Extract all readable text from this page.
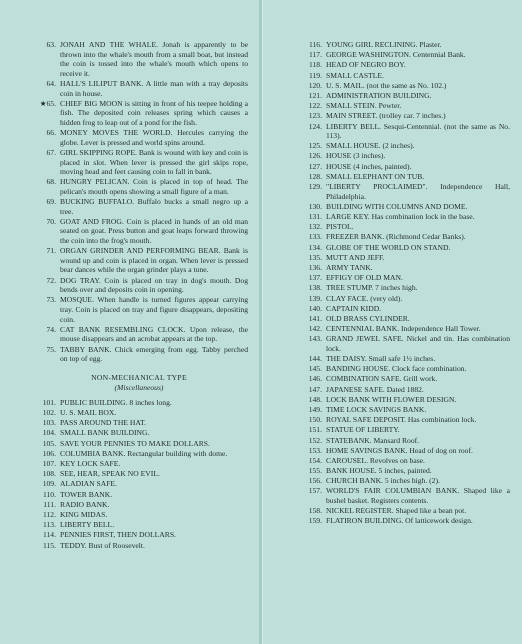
63. JONAH AND THE WHALE. Jonah is apparently to be thrown into the whale's mouth from a small boat, but instead the coin is tossed into the whale's mouth which opens to receive it.
64. HALL'S LILIPUT BANK. A little man with a tray deposits coin in house.
★65. CHIEF BIG MOON is sitting in front of his teepee holding a fish. The deposited coin releases spring which causes a hidden frog to leap out of a pond for the fish.
66. MONEY MOVES THE WORLD. Hercules carrying the globe. Lever is pressed and world spins around.
67. GIRL SKIPPING ROPE. Bank is wound with key and coin is placed in slot. When lever is pressed the girl skips rope, moving head and feet causing coin to fall in bank.
68. HUNGRY PELICAN. Coin is placed in top of head. The pelican's mouth opens showing a small figure of a man.
69. BUCKING BUFFALO. Buffalo bucks a small negro up a tree.
70. GOAT AND FROG. Coin is placed in hands of an old man seated on goat. Press button and goat leaps forward throwing the coin into the frog's mouth.
71. ORGAN GRINDER AND PERFORMING BEAR. Bank is wound up and coin is placed in organ. When lever is pressed bear dances while the organ grinder plays a tune.
72. DOG TRAY. Coin is placed on tray in dog's mouth. Dog bends over and deposits coin in opening.
73. MOSQUE. When handle is turned figures appear carrying tray. Coin is placed on tray and figure disappears, depositing coin.
74. CAT BANK RESEMBLING CLOCK. Upon release, the mouse disappears and an acrobat appears at the top.
75. TABBY BANK. Chick emerging from egg. Tabby perched on top of egg.
NON-MECHANICAL TYPE
(Miscellaneous)
101. PUBLIC BUILDING. 8 inches long.
102. U. S. MAIL BOX.
103. PASS AROUND THE HAT.
104. SMALL BANK BUILDING.
105. SAVE YOUR PENNIES TO MAKE DOLLARS.
106. COLUMBIA BANK. Rectangular building with dome.
107. KEY LOCK SAFE.
108. SEE, HEAR, SPEAK NO EVIL.
109. ALADIAN SAFE.
110. TOWER BANK.
111. RADIO BANK.
112. KING MIDAS.
113. LIBERTY BELL.
114. PENNIES FIRST, THEN DOLLARS.
115. TEDDY. Bust of Roosevelt.
116. YOUNG GIRL RECLINING. Plaster.
117. GEORGE WASHINGTON. Centennial Bank.
118. HEAD OF NEGRO BOY.
119. SMALL CASTLE.
120. U. S. MAIL. (not the same as No. 102.)
121. ADMINISTRATION BUILDING.
122. SMALL STEIN. Pewter.
123. MAIN STREET. (trolley car. 7 inches.)
124. LIBERTY BELL. Sesqui-Centennial. (not the same as No. 113).
125. SMALL HOUSE. (2 inches).
126. HOUSE (3 inches).
127. HOUSE (4 inches, painted).
128. SMALL ELEPHANT ON TUB.
129. "LIBERTY PROCLAIMED". Independence Hall, Philadelphia.
130. BUILDING WITH COLUMNS AND DOME.
131. LARGE KEY. Has combination lock in the base.
132. PISTOL.
133. FREEZER BANK. (Richmond Cedar Banks).
134. GLOBE OF THE WORLD ON STAND.
135. MUTT AND JEFF.
136. ARMY TANK.
137. EFFIGY OF OLD MAN.
138. TREE STUMP. 7 inches high.
139. CLAY FACE. (very old).
140. CAPTAIN KIDD.
141. OLD BRASS CYLINDER.
142. CENTENNIAL BANK. Independence Hall Tower.
143. GRAND JEWEL SAFE. Nickel and tin. Has combination lock.
144. THE DAISY. Small safe 1½ inches.
145. BANDING HOUSE. Clock face combination.
146. COMBINATION SAFE. Grill work.
147. JAPANESE SAFE. Dated 1882.
148. LOCK BANK WITH FLOWER DESIGN.
149. TIME LOCK SAVINGS BANK.
150. ROYAL SAFE DEPOSIT. Has combination lock.
151. STATUE OF LIBERTY.
152. STATEBANK. Mansard Roof.
153. HOME SAVINGS BANK. Head of dog on roof.
154. CAROUSEL. Revolves on base.
155. BANK HOUSE. 5 inches, painted.
156. CHURCH BANK. 5 inches high. (2).
157. WORLD'S FAIR COLUMBIAN BANK. Shaped like a bushel basket. Registers contents.
158. NICKEL REGISTER. Shaped like a bean pot.
159. FLATIRON BUILDING. Of latticework design.
